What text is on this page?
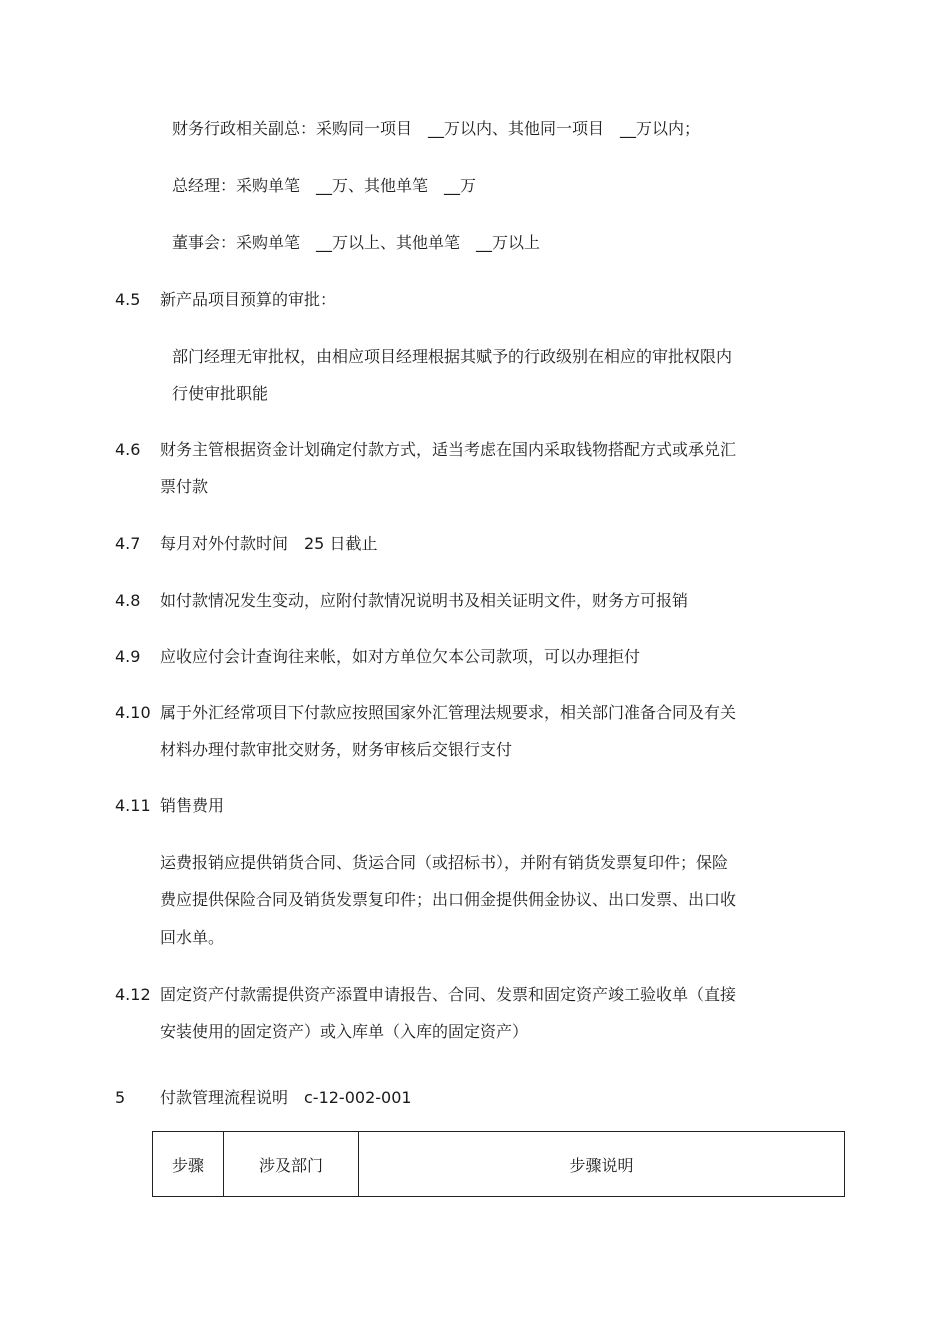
财务行政相关副总：采购同一项目　__万以内、其他同一项目　__万以内；
总经理：采购单笔　__万、其他单笔　__万
董事会：采购单笔　__万以上、其他单笔　__万以上
4.5 新产品项目预算的审批：
部门经理无审批权，由相应项目经理根据其赋予的行政级别在相应的审批权限内
行使审批职能
4.6 财务主管根据资金计划确定付款方式，适当考虑在国内采取钱物搭配方式或承兑汇
票付款
4.7 每月对外付款时间　25 日截止
4.8 如付款情况发生变动，应附付款情况说明书及相关证明文件，财务方可报销
4.9 应收应付会计查询往来帐，如对方单位欠本公司款项，可以办理拒付
4.10 属于外汇经常项目下付款应按照国家外汇管理法规要求，相关部门准备合同及有关
材料办理付款审批交财务，财务审核后交银行支付
4.11 销售费用
运费报销应提供销货合同、货运合同（或招标书），并附有销货发票复印件；保险
费应提供保险合同及销货发票复印件；出口佣金提供佣金协议、出口发票、出口收
回水单。
4.12 固定资产付款需提供资产添置申请报告、合同、发票和固定资产竣工验收单（直接
安装使用的固定资产）或入库单（入库的固定资产）
5 付款管理流程说明　c-12-002-001
步骤	涉及部门	步骤说明
